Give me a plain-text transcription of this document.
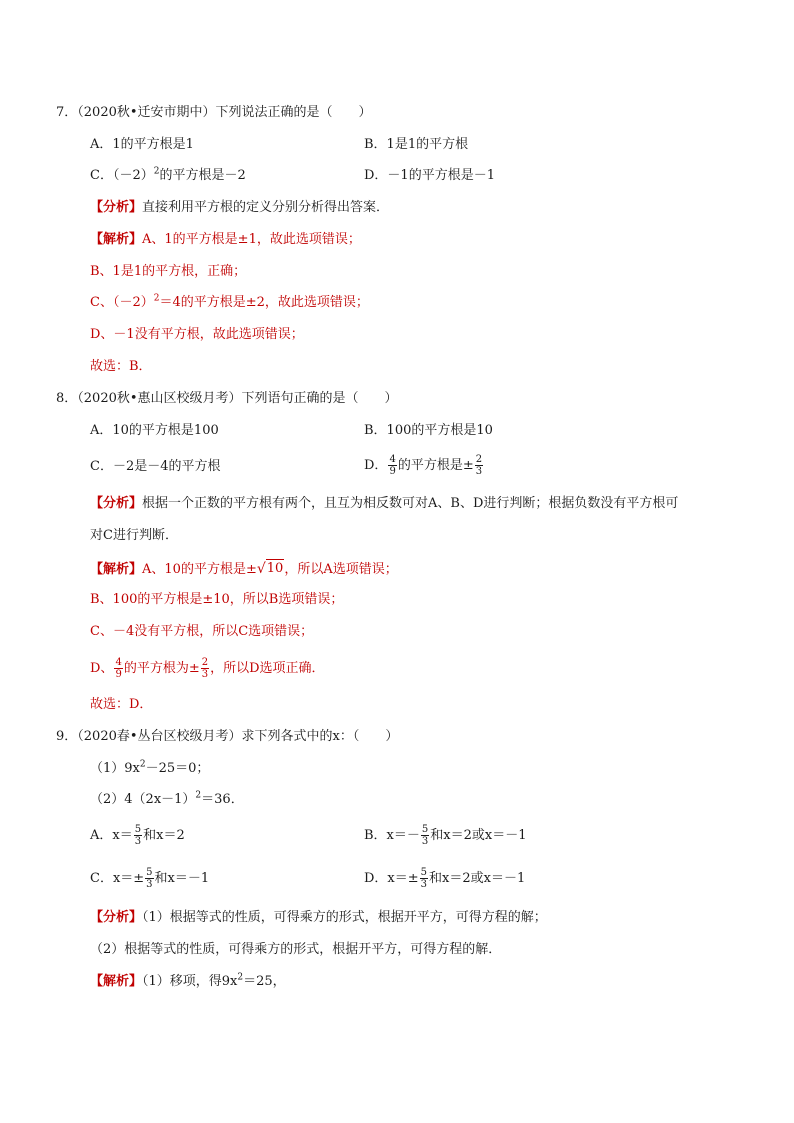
7．（2020秋•迁安市期中）下列说法正确的是（　　）
A．1的平方根是1	B．1是1的平方根
C．$(-2)^2$的平方根是－2	D．－1的平方根是－1
【分析】直接利用平方根的定义分别分析得出答案．
【解析】A、1的平方根是±1，故此选项错误；
B、1是1的平方根，正确；
C、$(-2)^2=4$的平方根是±2，故此选项错误；
D、－1没有平方根，故此选项错误；
故选：B．
8．（2020秋•惠山区校级月考）下列语句正确的是（　　）
A．10的平方根是100	B．100的平方根是10
C．－2是－4的平方根	D． $\frac{4}{9}$ 的平方根是± $\frac{2}{3}$
【分析】根据一个正数的平方根有两个，且互为相反数可对A、B、D进行判断；根据负数没有平方根可
对C进行判断．
【解析】A、10的平方根是± √ 10 ，所以A选项错误；
B、100的平方根是±10，所以B选项错误；
C、－4没有平方根，所以C选项错误；
D、 $\frac{4}{9}$ 的平方根为± $\frac{2}{3}$ ，所以D选项正确．
故选：D．
9．（2020春•丛台区校级月考）求下列各式中的x：（　　）
$(1)9x^2-25=0$；
$(2)4(2x-1)^2=36$．
A．$x= \frac{5}{3}$ 和x＝2	B．$x=- \frac{5}{3}$ 和x＝2或x＝－1
C．$x=\pm \frac{5}{3}$ 和x＝－1	D．$x=\pm \frac{5}{3}$ 和x＝2或x＝－1
【分析】（1）根据等式的性质，可得乘方的形式，根据开平方，可得方程的解；
（2）根据等式的性质，可得乘方的形式，根据开平方，可得方程的解．
【解析】（1）移项，得$9x^2=25$，
